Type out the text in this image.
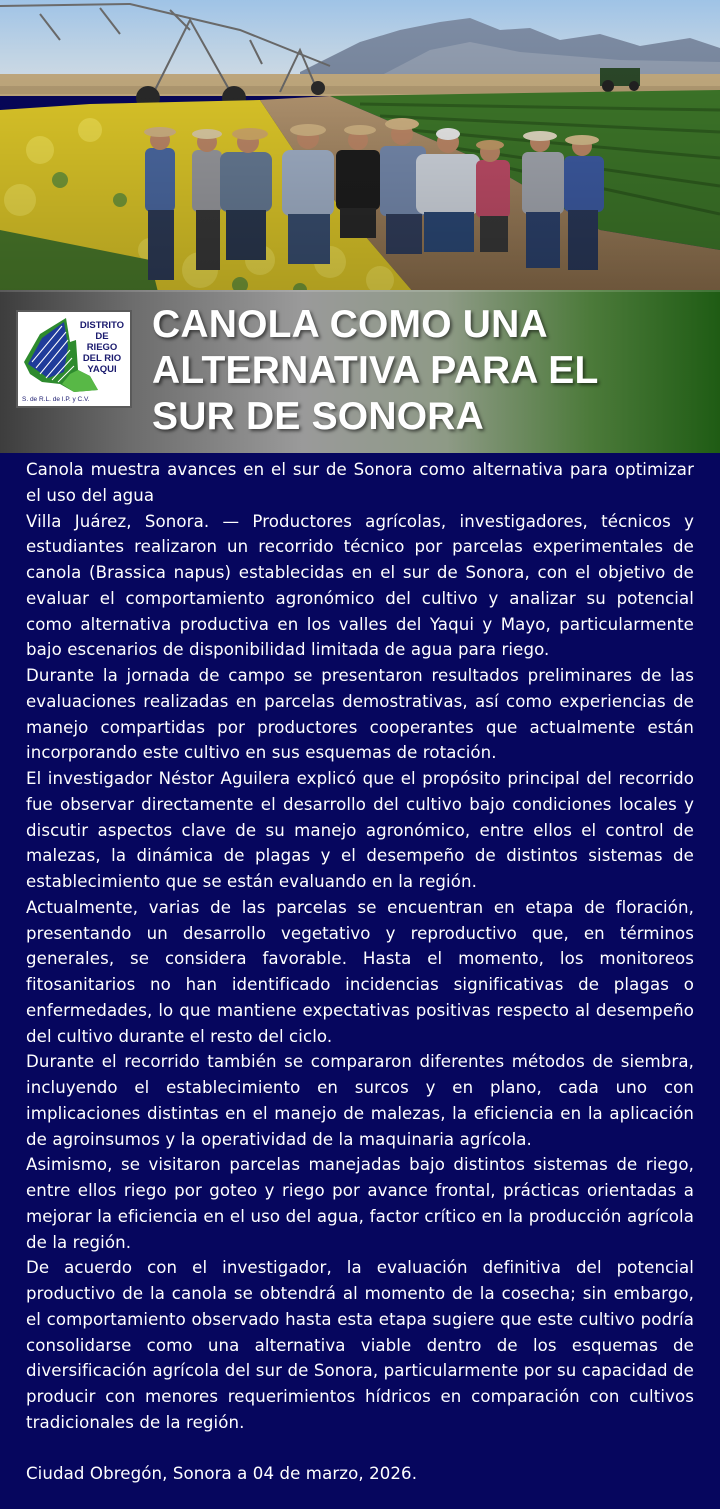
DISTRITO DE RIEGO DEL RIO YAQUI
S. de R.L. de I.P. y C.V.
CANOLA COMO UNA
ALTERNATIVA PARA EL
SUR DE SONORA

Canola muestra avances en el sur de Sonora como alternativa para optimizar el uso del agua

Villa Juárez, Sonora. — Productores agrícolas, investigadores, técnicos y estudiantes realizaron un recorrido técnico por parcelas experimentales de canola (Brassica napus) establecidas en el sur de Sonora, con el objetivo de evaluar el comportamiento agronómico del cultivo y analizar su potencial como alternativa productiva en los valles del Yaqui y Mayo, particularmente bajo escenarios de disponibilidad limitada de agua para riego.

Durante la jornada de campo se presentaron resultados preliminares de las evaluaciones realizadas en parcelas demostrativas, así como experiencias de manejo compartidas por productores cooperantes que actualmente están incorporando este cultivo en sus esquemas de rotación.

El investigador Néstor Aguilera explicó que el propósito principal del recorrido fue observar directamente el desarrollo del cultivo bajo condiciones locales y discutir aspectos clave de su manejo agronómico, entre ellos el control de malezas, la dinámica de plagas y el desempeño de distintos sistemas de establecimiento que se están evaluando en la región.

Actualmente, varias de las parcelas se encuentran en etapa de floración, presentando un desarrollo vegetativo y reproductivo que, en términos generales, se considera favorable. Hasta el momento, los monitoreos fitosanitarios no han identificado incidencias significativas de plagas o enfermedades, lo que mantiene expectativas positivas respecto al desempeño del cultivo durante el resto del ciclo.

Durante el recorrido también se compararon diferentes métodos de siembra, incluyendo el establecimiento en surcos y en plano, cada uno con implicaciones distintas en el manejo de malezas, la eficiencia en la aplicación de agroinsumos y la operatividad de la maquinaria agrícola.

Asimismo, se visitaron parcelas manejadas bajo distintos sistemas de riego, entre ellos riego por goteo y riego por avance frontal, prácticas orientadas a mejorar la eficiencia en el uso del agua, factor crítico en la producción agrícola de la región.

De acuerdo con el investigador, la evaluación definitiva del potencial productivo de la canola se obtendrá al momento de la cosecha; sin embargo, el comportamiento observado hasta esta etapa sugiere que este cultivo podría consolidarse como una alternativa viable dentro de los esquemas de diversificación agrícola del sur de Sonora, particularmente por su capacidad de producir con menores requerimientos hídricos en comparación con cultivos tradicionales de la región.

Ciudad Obregón, Sonora a 04 de marzo, 2026.
